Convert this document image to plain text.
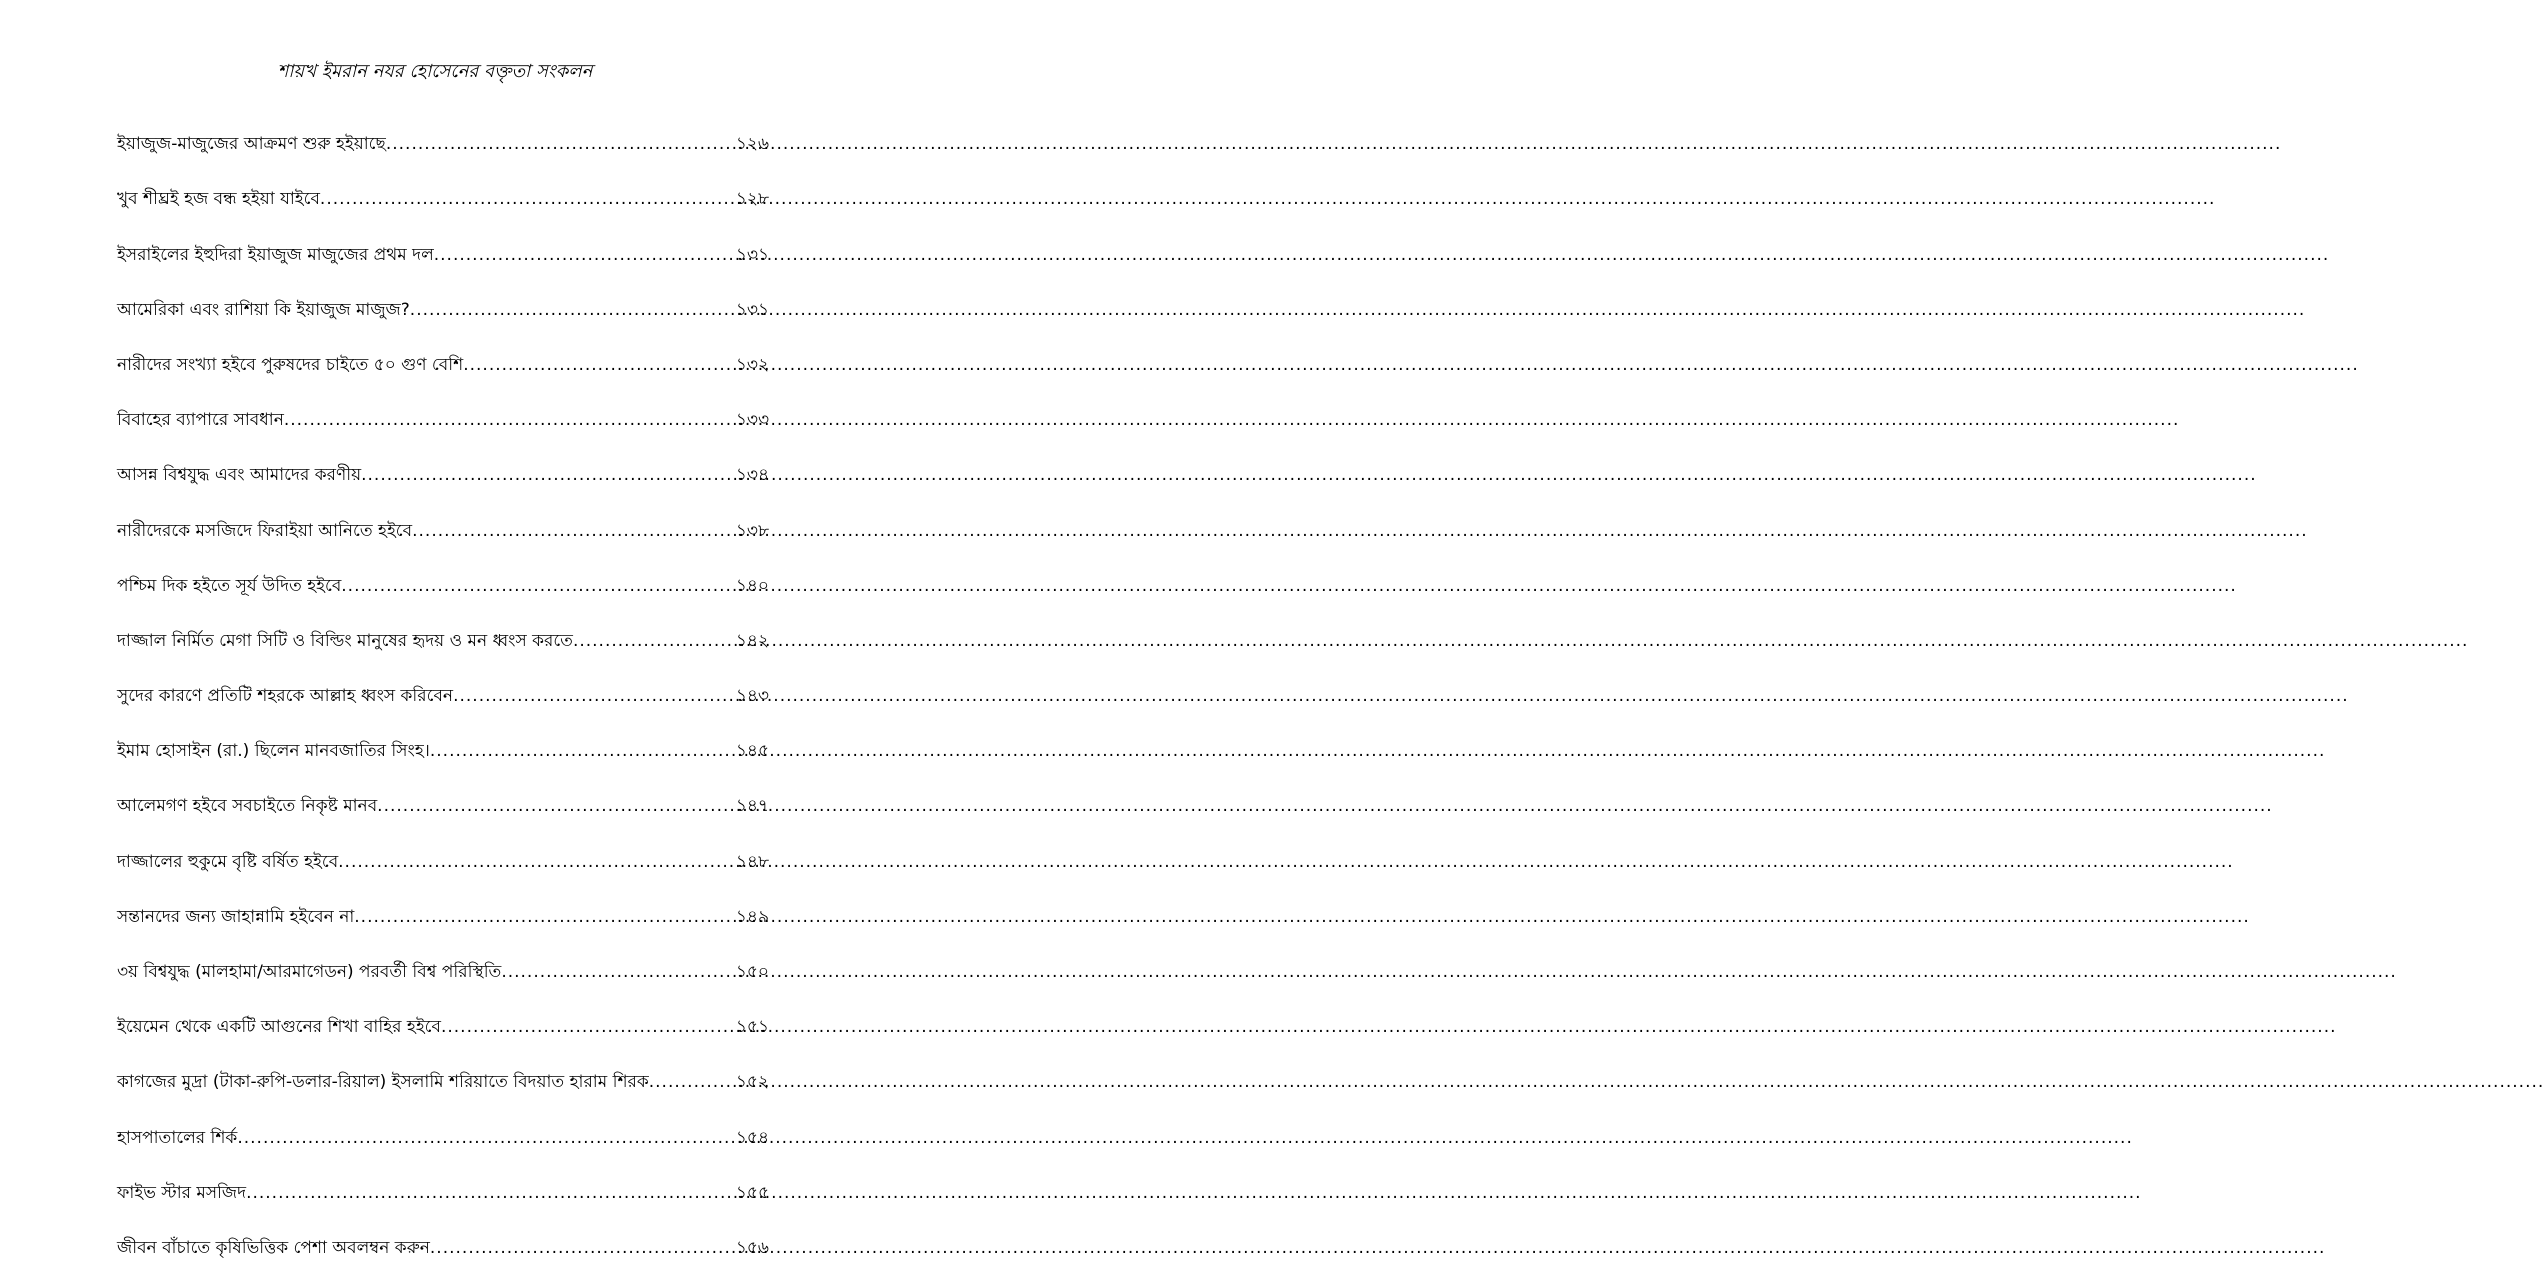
শায়খ ইমরান নযর হোসেনের বক্তৃতা সংকলন
ইয়াজুজ-মাজুজের আক্রমণ শুরু হইয়াছে .....	১২৬
খুব শীঘ্রই হজ বন্ধ হইয়া যাইবে .....	১২৮
ইসরাইলের ইহুদিরা ইয়াজুজ মাজুজের প্রথম দল .....	১৩১
আমেরিকা এবং রাশিয়া কি ইয়াজুজ মাজুজ? .....	১৩১
নারীদের সংখ্যা হইবে পুরুষদের চাইতে ৫০ গুণ বেশি .....	১৩২
বিবাহের ব্যাপারে সাবধান .....	১৩৩
আসন্ন বিশ্বযুদ্ধ এবং আমাদের করণীয় .....	১৩৪
নারীদেরকে মসজিদে ফিরাইয়া আনিতে হইবে .....	১৩৮
পশ্চিম দিক হইতে সূর্য উদিত হইবে .....	১৪০
দাজ্জাল নির্মিত মেগা সিটি ও বিল্ডিং মানুষের হৃদয় ও মন ধ্বংস করতে .....	১৪২
সুদের কারণে প্রতিটি শহরকে আল্লাহ ধ্বংস করিবেন .....	১৪৩
ইমাম হোসাইন (রা.) ছিলেন মানবজাতির সিংহ। .....	১৪৫
আলেমগণ হইবে সবচাইতে নিকৃষ্ট মানব .....	১৪৭
দাজ্জালের হুকুমে বৃষ্টি বর্ষিত হইবে .....	১৪৮
সন্তানদের জন্য জাহান্নামি হইবেন না .....	১৪৯
৩য় বিশ্বযুদ্ধ (মালহামা/আরমাগেডন) পরবর্তী বিশ্ব পরিস্থিতি .....	১৫০
ইয়েমেন থেকে একটি আগুনের শিখা বাহির হইবে .....	১৫১
কাগজের মুদ্রা (টাকা-রুপি-ডলার-রিয়াল) ইসলামি শরিয়াতে বিদয়াত হারাম শিরক .....	১৫২
হাসপাতালের শির্ক .....	১৫৪
ফাইভ স্টার মসজিদ .....	১৫৫
জীবন বাঁচাতে কৃষিভিত্তিক পেশা অবলম্বন করুন .....	১৫৬
